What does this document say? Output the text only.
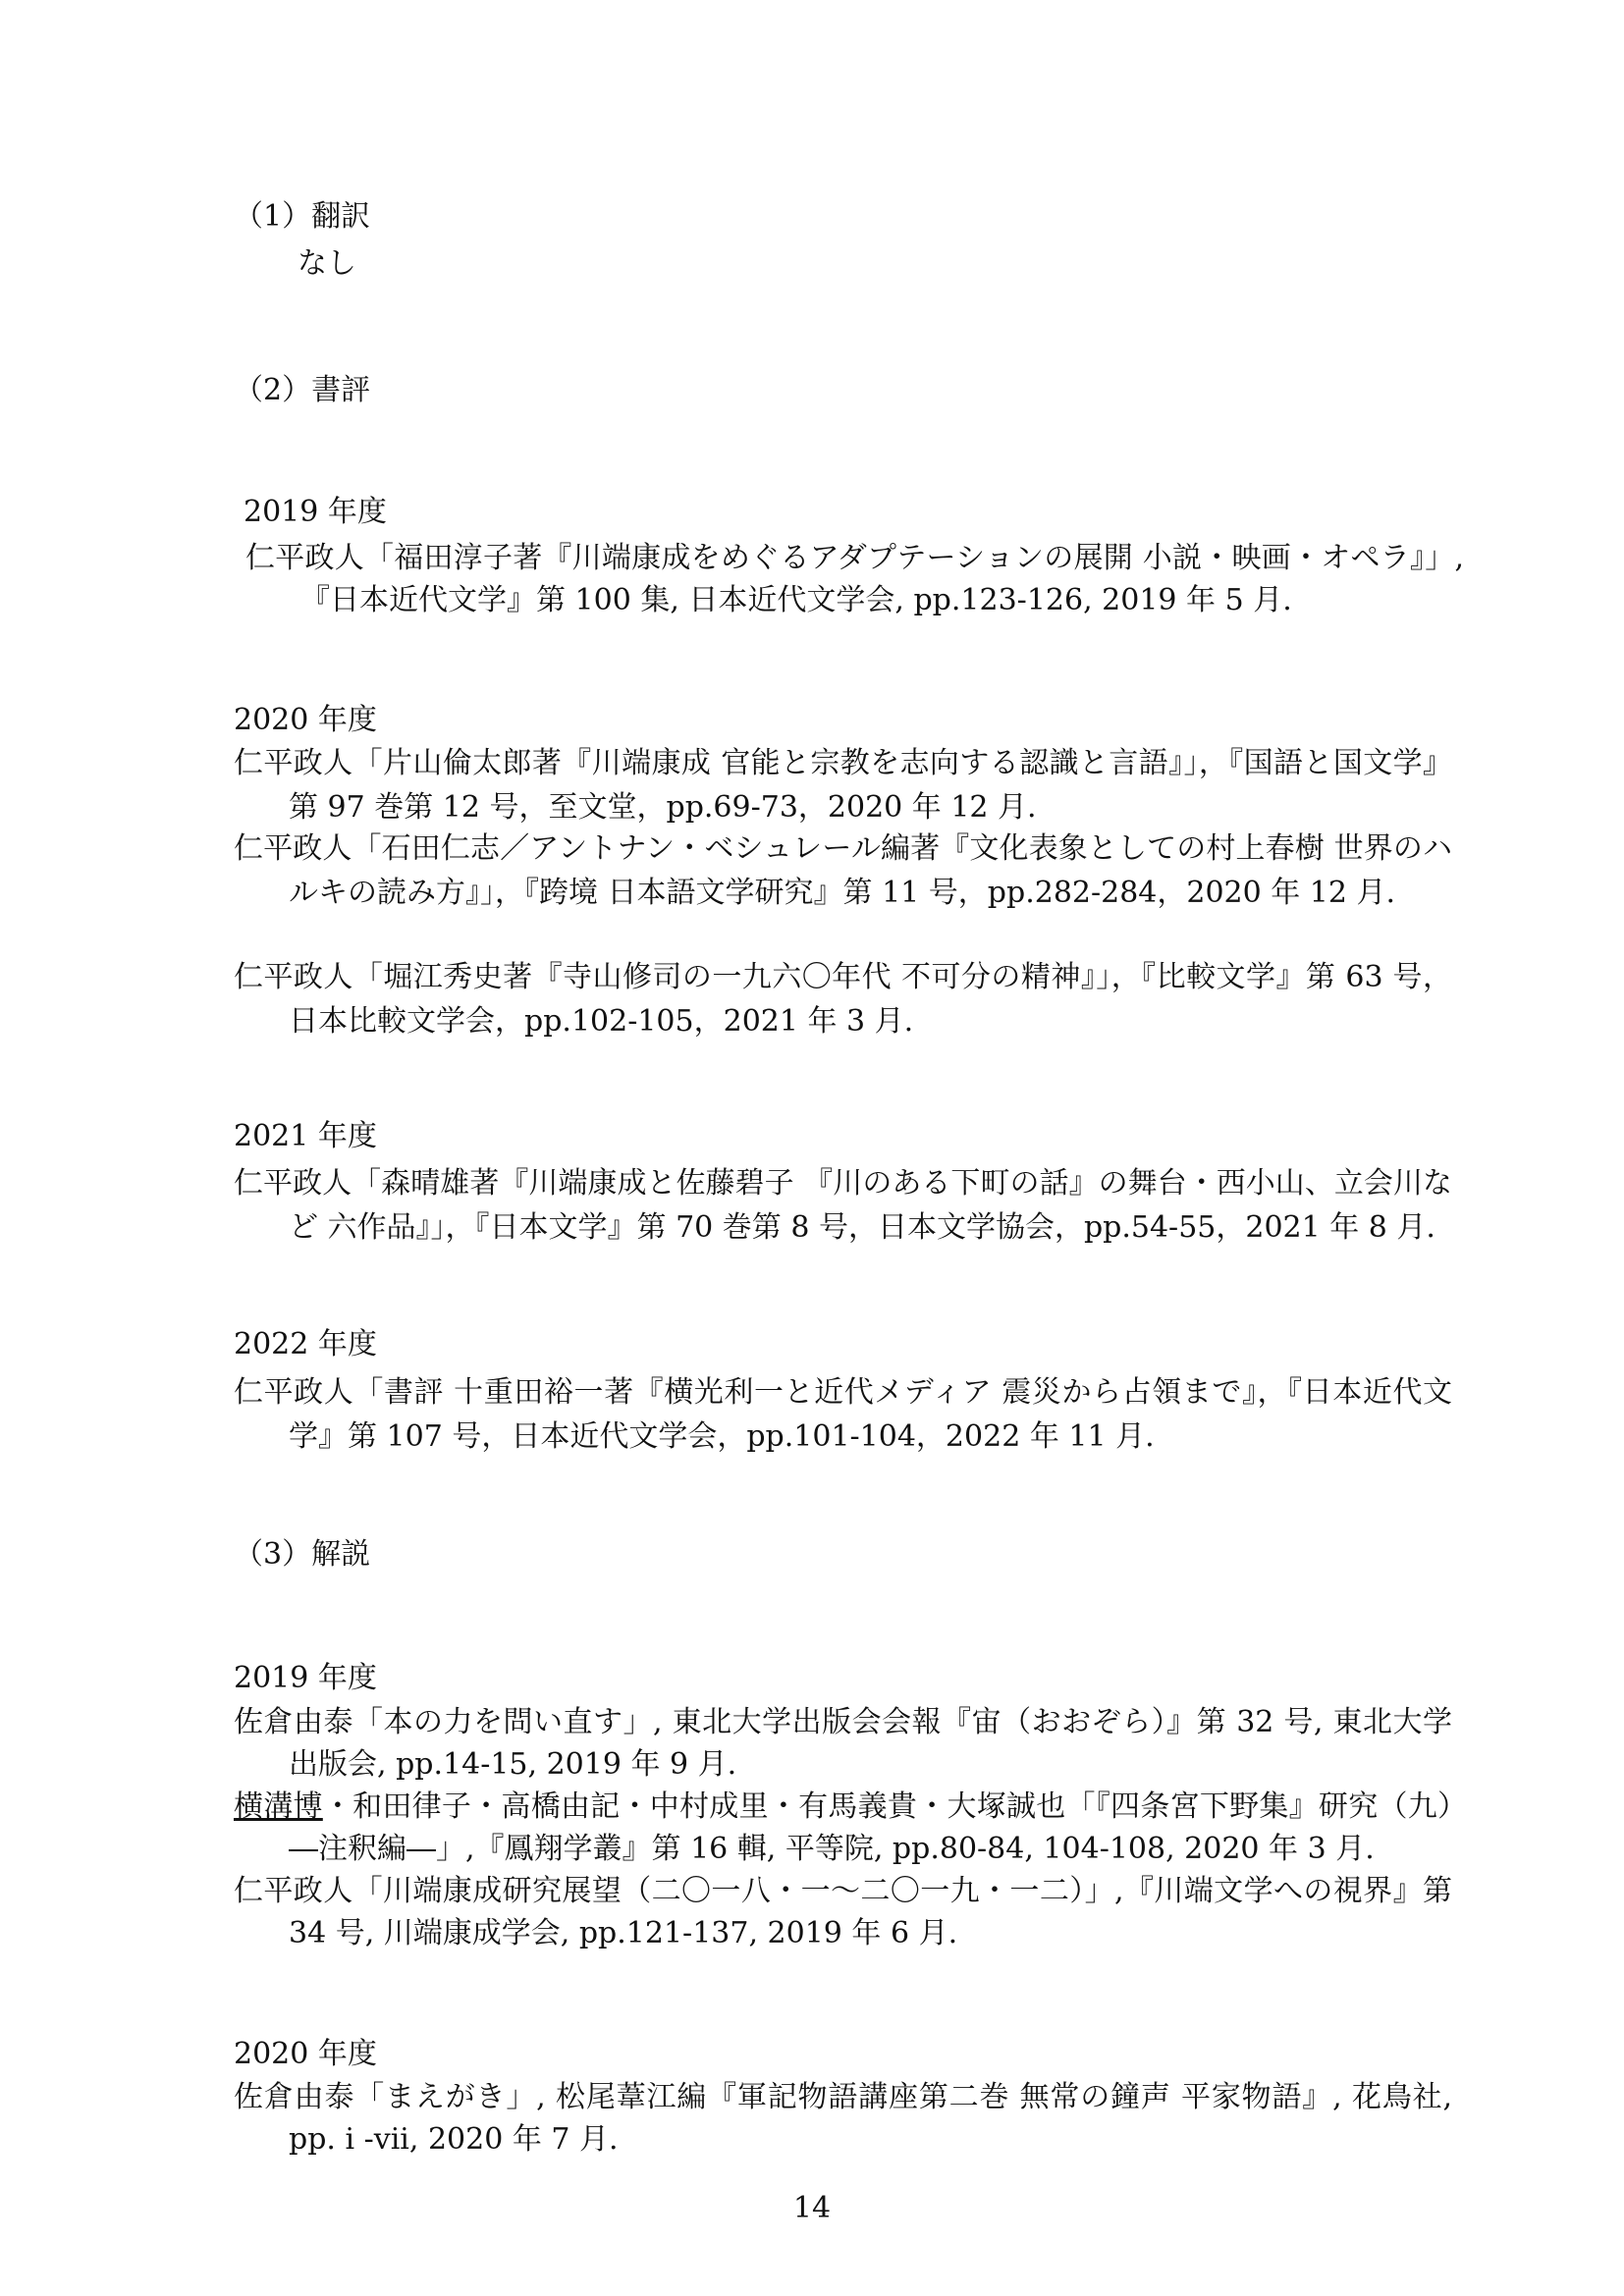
（1）翻訳
なし
（2）書評
2019 年度
仁平政人「福田淳子著『川端康成をめぐるアダプテーションの展開 小説・映画・オペラ』」, 『日本近代文学』第 100 集, 日本近代文学会, pp.123-126, 2019 年 5 月.
2020 年度
仁平政人「片山倫太郎著『川端康成 官能と宗教を志向する認識と言語』」，『国語と国文学』第 97 巻第 12 号，至文堂，pp.69-73，2020 年 12 月.
仁平政人「石田仁志／アントナン・ベシュレール編著『文化表象としての村上春樹 世界のハルキの読み方』」，『跨境 日本語文学研究』第 11 号，pp.282-284，2020 年 12 月.
仁平政人「堀江秀史著『寺山修司の一九六〇年代 不可分の精神』」，『比較文学』第 63 号，日本比較文学会，pp.102-105，2021 年 3 月.
2021 年度
仁平政人「森晴雄著『川端康成と佐藤碧子 『川のある下町の話』の舞台・西小山、立会川など 六作品』」，『日本文学』第 70 巻第 8 号，日本文学協会，pp.54-55，2021 年 8 月.
2022 年度
仁平政人「書評 十重田裕一著『横光利一と近代メディア 震災から占領まで』，『日本近代文学』第 107 号，日本近代文学会，pp.101-104，2022 年 11 月.
（3）解説
2019 年度
佐倉由泰「本の力を問い直す」, 東北大学出版会会報『宙（おおぞら）』第 32 号, 東北大学出版会, pp.14-15, 2019 年 9 月.
横溝博・和田律子・高橋由記・中村成里・有馬義貴・大塚誠也「『四条宮下野集』研究（九）―注釈編―」,『鳳翔学叢』第 16 輯, 平等院, pp.80-84, 104-108, 2020 年 3 月.
仁平政人「川端康成研究展望（二〇一八・一〜二〇一九・一二）」,『川端文学への視界』第 34 号, 川端康成学会, pp.121-137, 2019 年 6 月.
2020 年度
佐倉由泰「まえがき」, 松尾葦江編『軍記物語講座第二巻 無常の鐘声 平家物語』, 花鳥社, pp. i -vii, 2020 年 7 月.
14
